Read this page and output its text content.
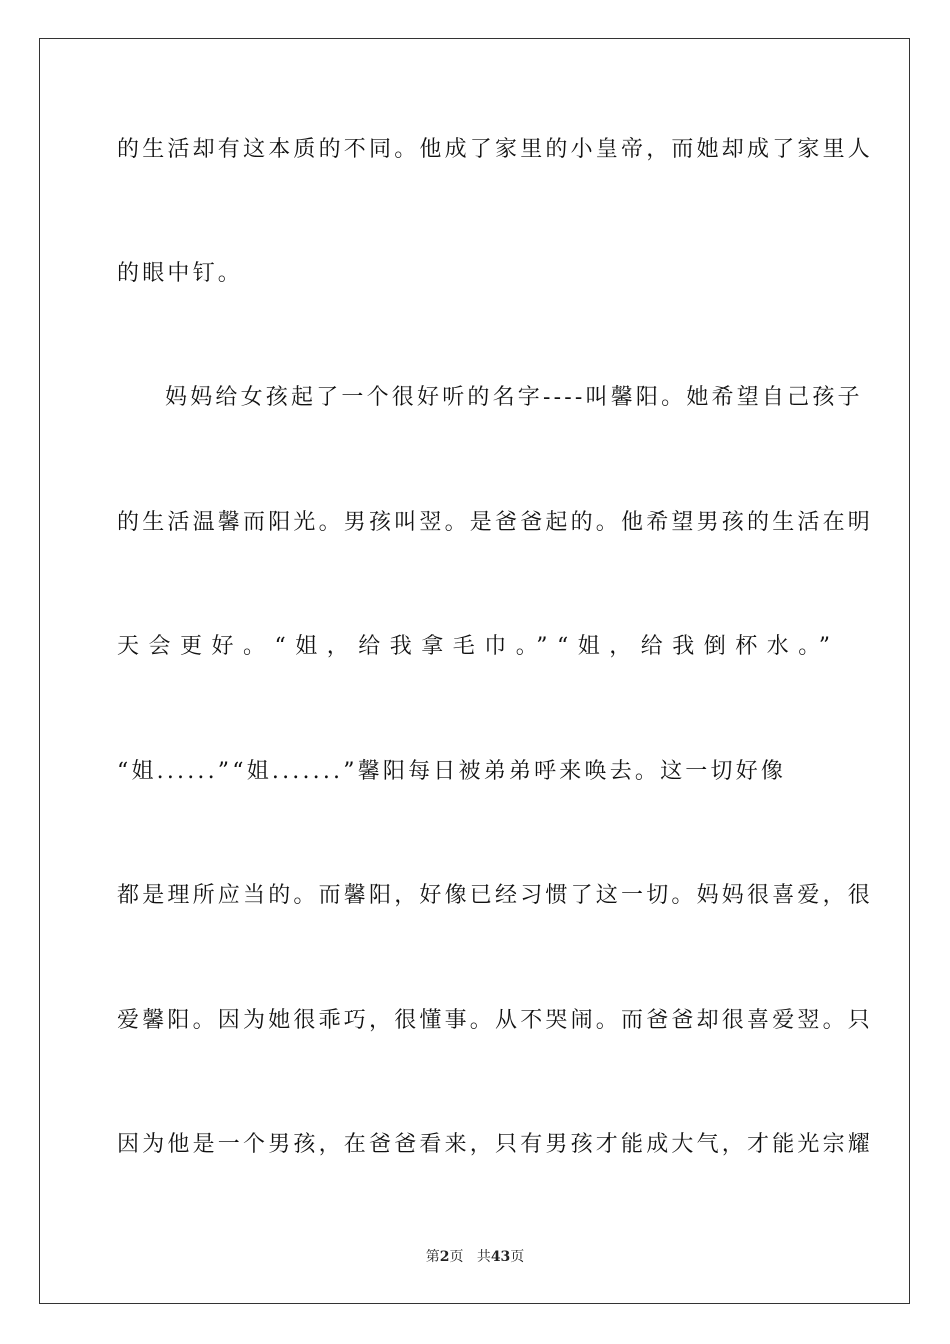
的生活却有这本质的不同。他成了家里的小皇帝，而她却成了家里人
的眼中钉。
妈妈给女孩起了一个很好听的名字----叫馨阳。她希望自己孩子
的生活温馨而阳光。男孩叫翌。是爸爸起的。他希望男孩的生活在明
天会更好。“姐，给我拿毛巾。”“姐，给我倒杯水。”
“姐......”“姐.......”馨阳每日被弟弟呼来唤去。这一切好像
都是理所应当的。而馨阳，好像已经习惯了这一切。妈妈很喜爱，很
爱馨阳。因为她很乖巧，很懂事。从不哭闹。而爸爸却很喜爱翌。只
因为他是一个男孩，在爸爸看来，只有男孩才能成大气，才能光宗耀
第2页 共43页
